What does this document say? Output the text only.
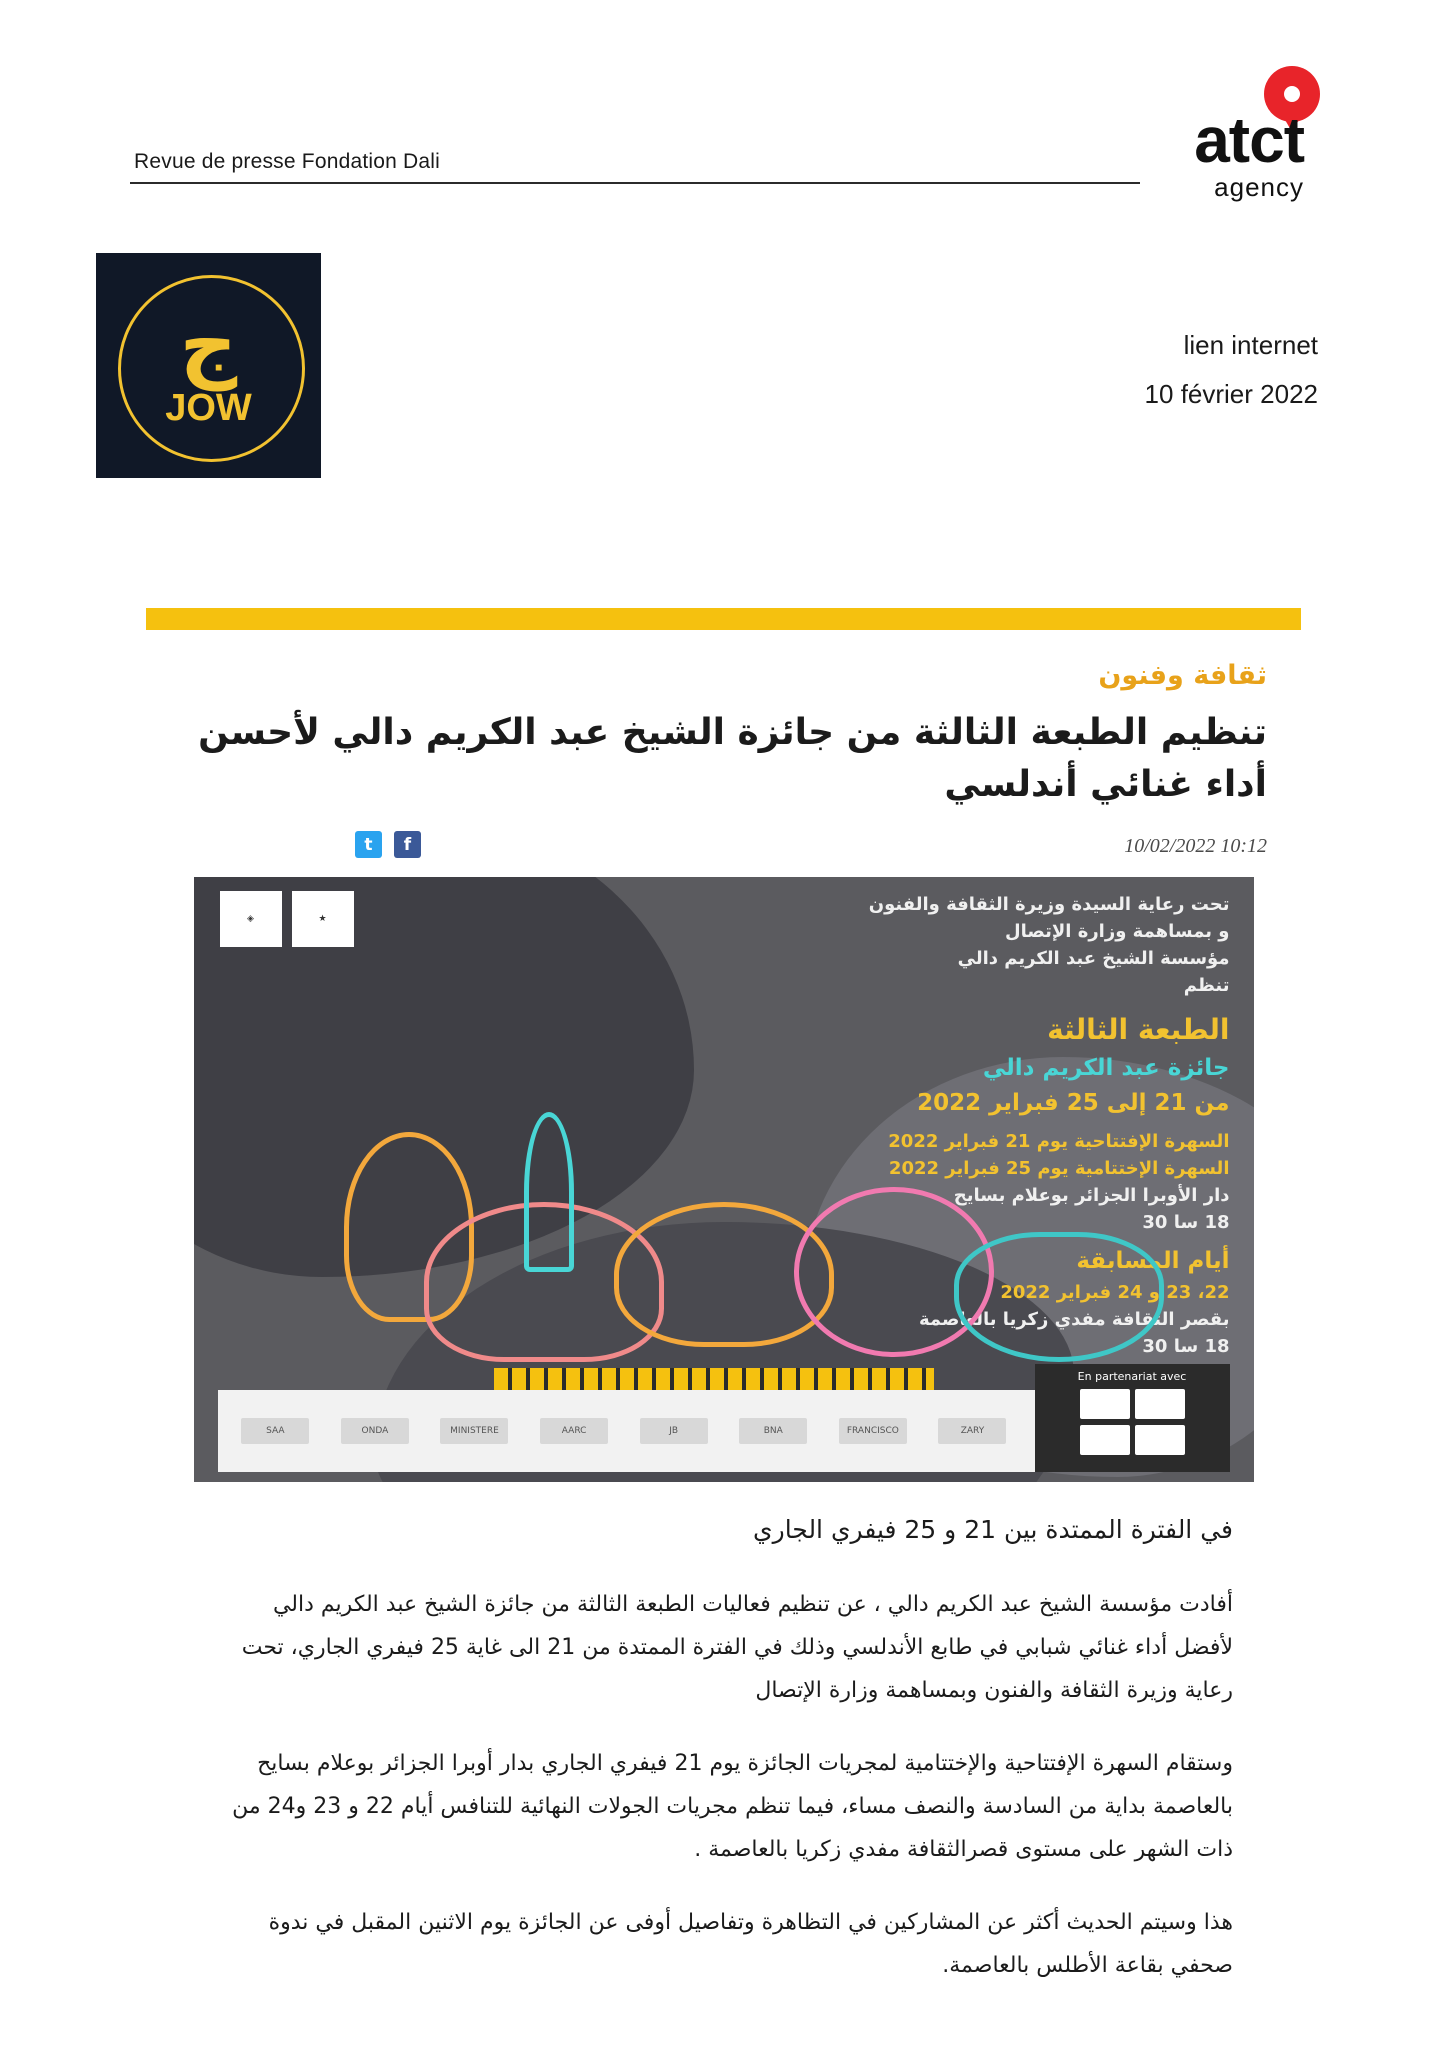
Revue de presse Fondation Dali	atct
agency
ج
JOW
lien internet
10 février 2022
ثقافة وفنون
تنظيم الطبعة الثالثة من جائزة الشيخ عبد الكريم دالي لأحسن أداء غنائي أندلسي
t	f	10/02/2022 10:12
★
◈
تحت رعاية السيدة وزيرة الثقافة والفنون
و بمساهمة وزارة الإتصال
مؤسسة الشيخ عبد الكريم دالي
تنظم
الطبعة الثالثة
جائزة عبد الكريم دالي
من 21 إلى 25 فبراير 2022
السهرة الإفتتاحية يوم 21 فبراير 2022
السهرة الإختتامية يوم 25 فبراير 2022
دار الأوبرا الجزائر بوعلام بسايح
18 سا 30
أيام المسابقة
22، 23 و 24 فبراير 2022
بقصر الثقافة مفدي زكريا بالعاصمة
18 سا 30
SAA	ONDA	MINISTERE	AARC	JB	BNA	FRANCISCO	ZARY
En partenariat avec
في الفترة الممتدة بين 21 و 25 فيفري الجاري
أفادت مؤسسة الشيخ عبد الكريم دالي ، عن تنظيم فعاليات الطبعة الثالثة من جائزة الشيخ عبد الكريم دالي لأفضل أداء غنائي شبابي في طابع الأندلسي وذلك في الفترة الممتدة من 21 الى غاية 25 فيفري الجاري، تحت رعاية وزيرة الثقافة والفنون وبمساهمة وزارة الإتصال
وستقام السهرة الإفتتاحية والإختتامية لمجريات الجائزة يوم 21 فيفري الجاري بدار أوبرا الجزائر بوعلام بسايح بالعاصمة بداية من السادسة والنصف مساء، فيما تنظم مجريات الجولات النهائية للتنافس أيام 22 و 23 و24 من ذات الشهر على مستوى قصرالثقافة مفدي زكريا بالعاصمة .
هذا وسيتم الحديث أكثر عن المشاركين في التظاهرة وتفاصيل أوفى عن الجائزة يوم الاثنين المقبل في ندوة صحفي بقاعة الأطلس بالعاصمة.
